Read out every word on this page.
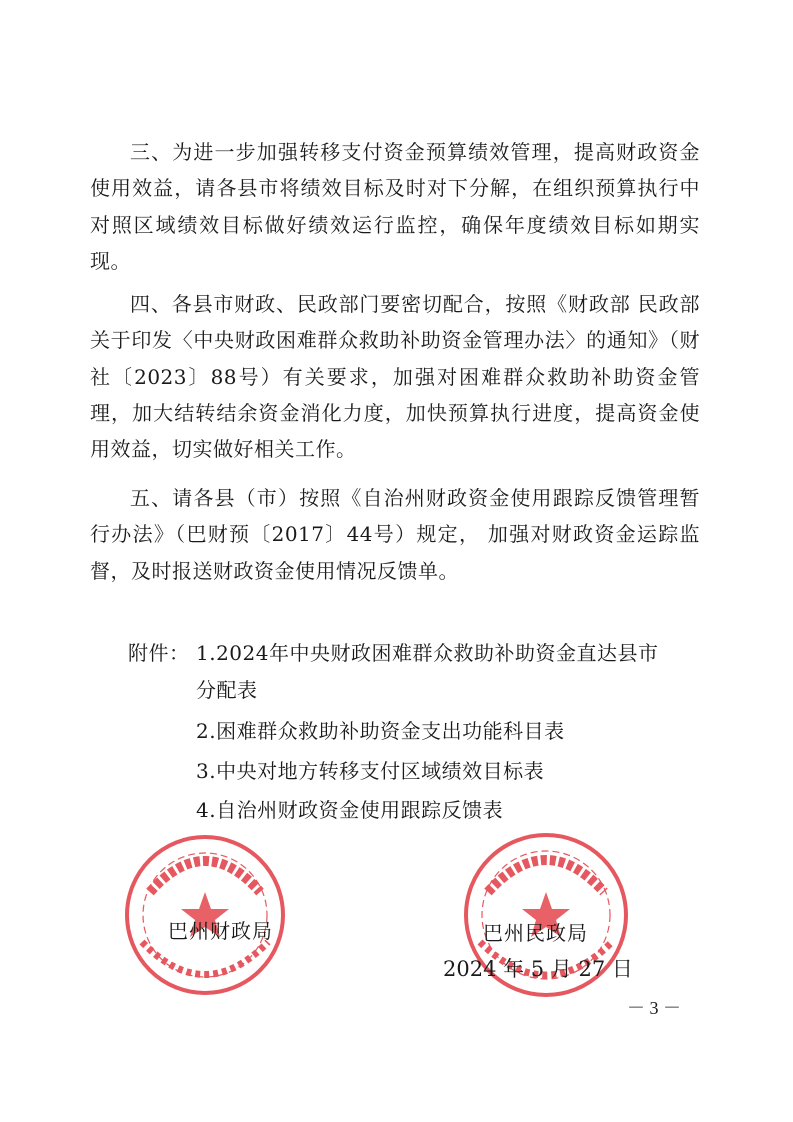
三、为进一步加强转移支付资金预算绩效管理，提高财政资金使用效益，请各县市将绩效目标及时对下分解，在组织预算执行中对照区域绩效目标做好绩效运行监控，确保年度绩效目标如期实现。

四、各县市财政、民政部门要密切配合，按照《财政部 民政部关于印发〈中央财政困难群众救助补助资金管理办法〉的通知》（财社〔2023〕88号）有关要求，加强对困难群众救助补助资金管理，加大结转结余资金消化力度，加快预算执行进度，提高资金使用效益，切实做好相关工作。

五、请各县（市）按照《自治州财政资金使用跟踪反馈管理暂行办法》（巴财预〔2017〕44号）规定， 加强对财政资金运踪监督，及时报送财政资金使用情况反馈单。

附件： 1.2024年中央财政困难群众救助补助资金直达县市
分配表
2.困难群众救助补助资金支出功能科目表
3.中央对地方转移支付区域绩效目标表
4.自治州财政资金使用跟踪反馈表
巴州财政局	巴州民政局
2024 年 5 月 27 日
－ 3 －
